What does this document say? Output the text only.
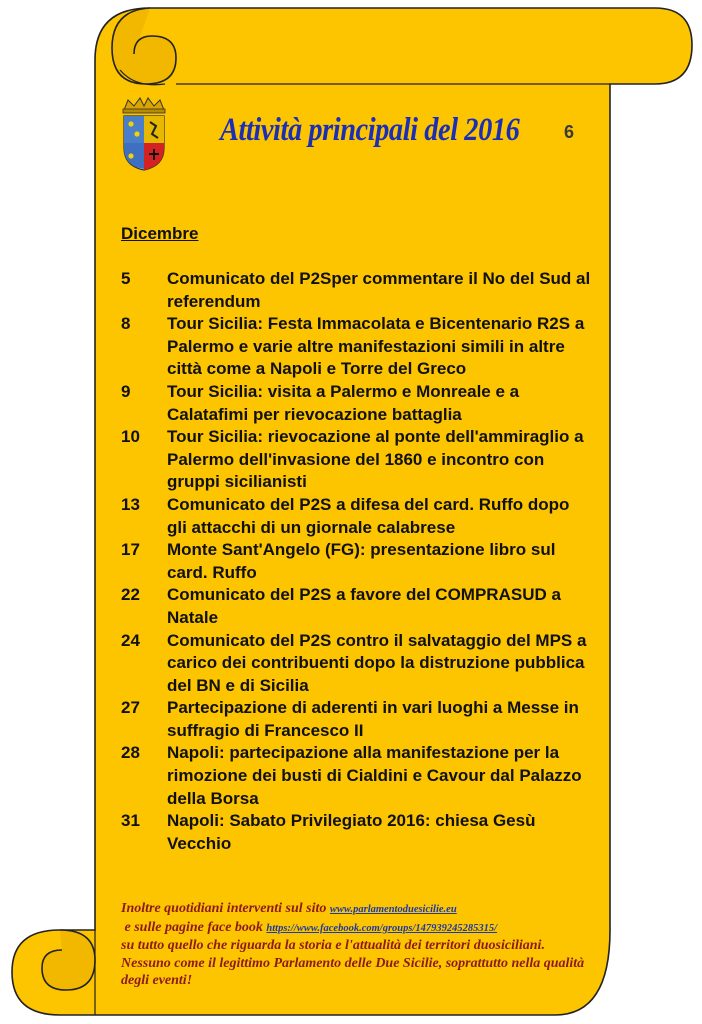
Attività principali del 2016 6
Dicembre
5	Comunicato del P2Sper commentare il No del Sud al referendum
8	Tour Sicilia: Festa Immacolata e Bicentenario R2S a Palermo e varie altre manifestazioni simili in altre città come a Napoli e Torre del Greco
9	Tour Sicilia: visita a Palermo e Monreale e a Calatafimi per rievocazione battaglia
10	Tour Sicilia: rievocazione al ponte dell'ammiraglio a Palermo dell'invasione del 1860 e incontro con gruppi sicilianisti
13	Comunicato del P2S a difesa del card. Ruffo dopo gli attacchi di un giornale calabrese
17	Monte Sant'Angelo (FG): presentazione libro sul card. Ruffo
22	Comunicato del P2S a favore del COMPRASUD a Natale
24	Comunicato del P2S contro il salvataggio del MPS a carico dei contribuenti dopo la distruzione pubblica del BN e di Sicilia
27	Partecipazione di aderenti in vari luoghi a Messe in suffragio di Francesco II
28	Napoli: partecipazione alla manifestazione per la rimozione dei busti di Cialdini e Cavour dal Palazzo della Borsa
31	Napoli: Sabato Privilegiato 2016: chiesa Gesù Vecchio
Inoltre quotidiani interventi sul sito www.parlamentoduesicilie.eu
e sulle pagine face book https://www.facebook.com/groups/147939245285315/
su tutto quello che riguarda la storia e l'attualità dei territori duosiciliani. Nessuno come il legittimo Parlamento delle Due Sicilie, soprattutto nella qualità degli eventi!
